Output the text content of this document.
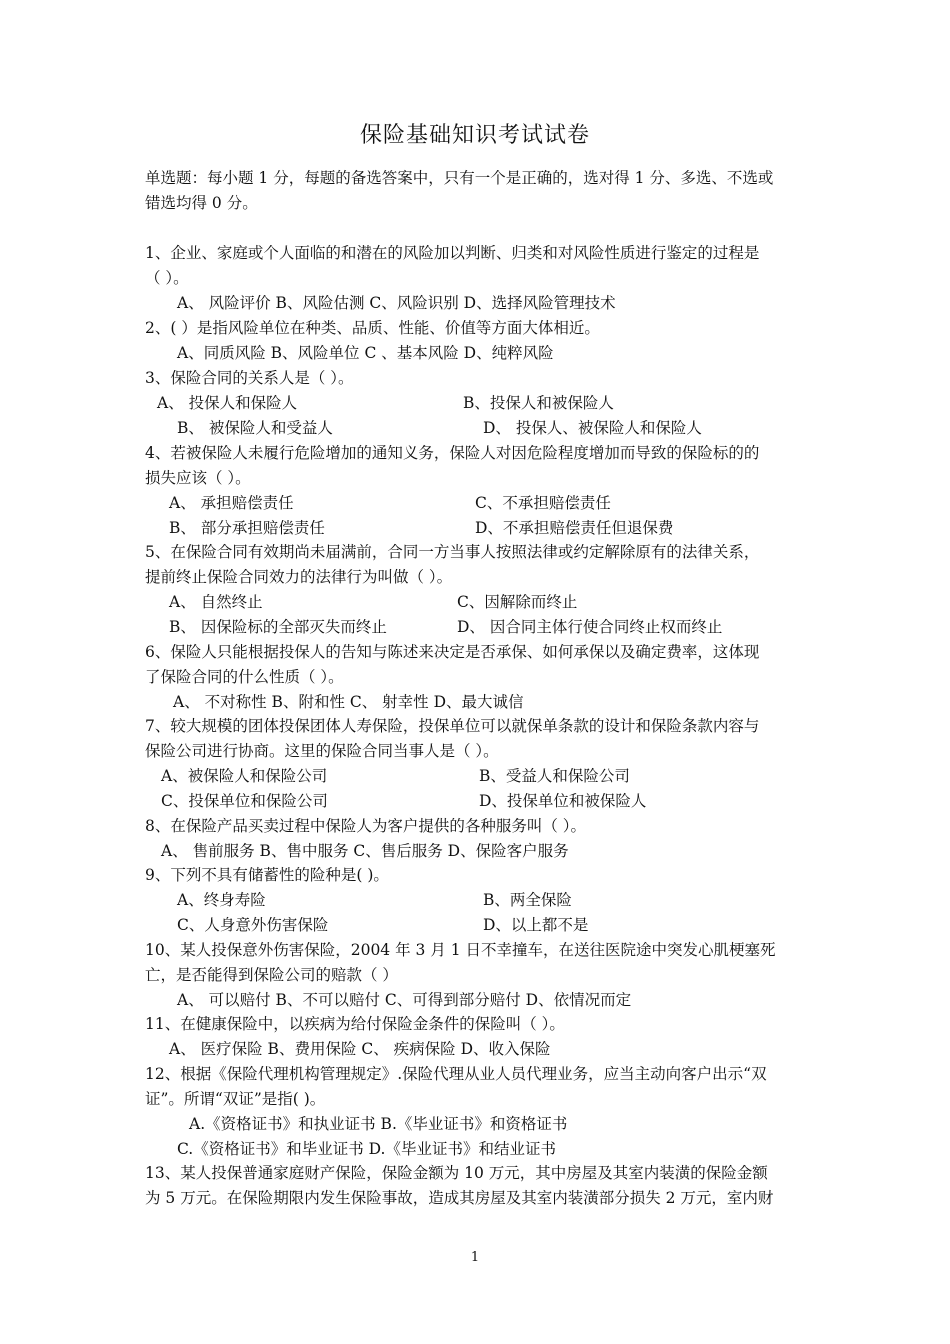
保险基础知识考试试卷
单选题：每小题 1 分，每题的备选答案中，只有一个是正确的，选对得 1 分、多选、不选或
错选均得 0 分。
1、企业、家庭或个人面临的和潜在的风险加以判断、归类和对风险性质进行鉴定的过程是
（ ）。
A、 风险评价 B、风险估测 C、风险识别 D、选择风险管理技术
2、( ）是指风险单位在种类、品质、性能、价值等方面大体相近。
A、同质风险 B、风险单位 C 、基本风险 D、纯粹风险
3、保险合同的关系人是（ ）。
A、 投保人和保险人	B、投保人和被保险人
B、 被保险人和受益人	D、 投保人、被保险人和保险人
4、若被保险人未履行危险增加的通知义务，保险人对因危险程度增加而导致的保险标的的
损失应该（ ）。
A、 承担赔偿责任	C、不承担赔偿责任
B、 部分承担赔偿责任	D、不承担赔偿责任但退保费
5、在保险合同有效期尚未届满前，合同一方当事人按照法律或约定解除原有的法律关系，
提前终止保险合同效力的法律行为叫做（ ）。
A、 自然终止	C、因解除而终止
B、 因保险标的全部灭失而终止	D、 因合同主体行使合同终止权而终止
6、保险人只能根据投保人的告知与陈述来决定是否承保、如何承保以及确定费率，这体现
了保险合同的什么性质（ ）。
A、 不对称性 B、附和性 C、 射幸性 D、最大诚信
7、较大规模的团体投保团体人寿保险，投保单位可以就保单条款的设计和保险条款内容与
保险公司进行协商。这里的保险合同当事人是（ ）。
A、被保险人和保险公司	B、受益人和保险公司
C、投保单位和保险公司	D、投保单位和被保险人
8、在保险产品买卖过程中保险人为客户提供的各种服务叫（ ）。
A、 售前服务 B、售中服务 C、售后服务 D、保险客户服务
9、下列不具有储蓄性的险种是( )。
A、终身寿险	B、两全保险
C、人身意外伤害保险	D、以上都不是
10、某人投保意外伤害保险，2004 年 3 月 1 日不幸撞车，在送往医院途中突发心肌梗塞死
亡，是否能得到保险公司的赔款（ ）
A、 可以赔付 B、不可以赔付 C、可得到部分赔付 D、依情况而定
11、在健康保险中，以疾病为给付保险金条件的保险叫（ ）。
A、 医疗保险 B、费用保险 C、 疾病保险 D、收入保险
12、根据《保险代理机构管理规定》.保险代理从业人员代理业务，应当主动向客户出示“双
证”。所谓“双证”是指( )。
A.《资格证书》和执业证书 B.《毕业证书》和资格证书
C.《资格证书》和毕业证书 D.《毕业证书》和结业证书
13、某人投保普通家庭财产保险，保险金额为 10 万元，其中房屋及其室内装潢的保险金额
为 5 万元。在保险期限内发生保险事故，造成其房屋及其室内装潢部分损失 2 万元，室内财
1
